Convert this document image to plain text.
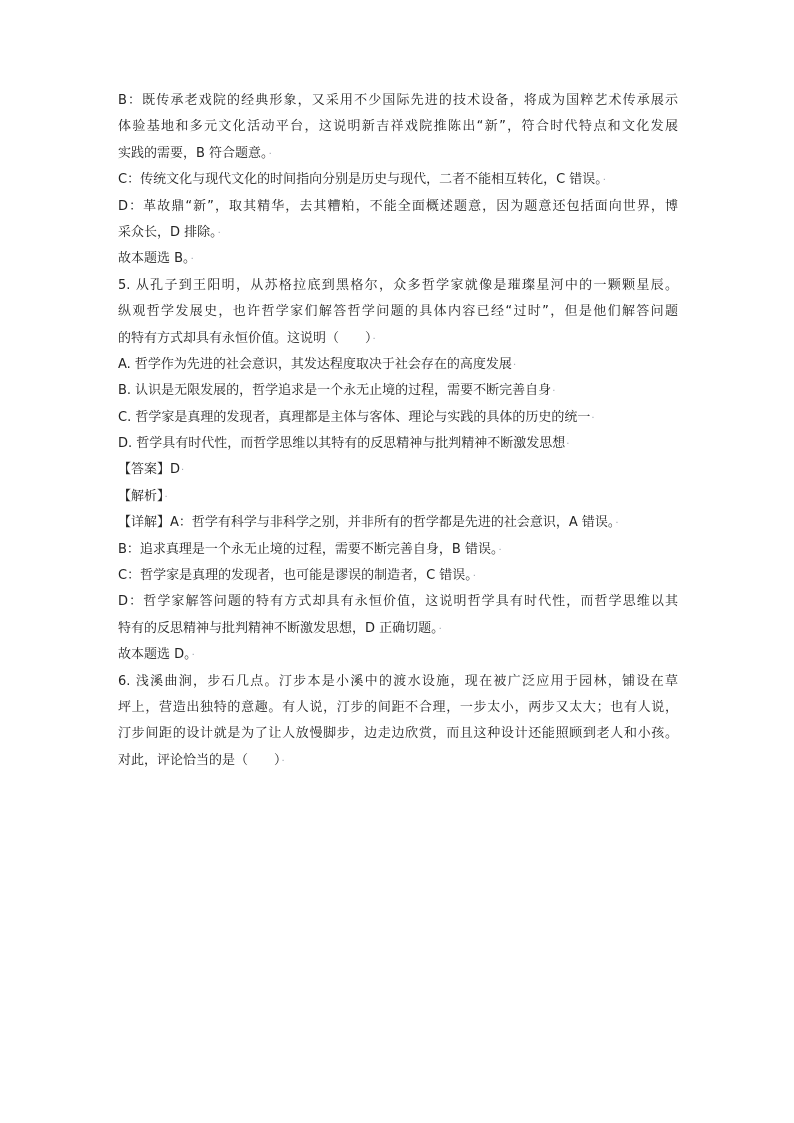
B：既传承老戏院的经典形象，又采用不少国际先进的技术设备，将成为国粹艺术传承展示
体验基地和多元文化活动平台，这说明新吉祥戏院推陈出“新”，符合时代特点和文化发展
实践的需要，B 符合题意。·
C：传统文化与现代文化的时间指向分别是历史与现代，二者不能相互转化，C 错误。·
D：革故鼎“新”，取其精华，去其糟粕，不能全面概述题意，因为题意还包括面向世界，博
采众长，D 排除。·
故本题选 B。·
5. 从孔子到王阳明，从苏格拉底到黑格尔，众多哲学家就像是璀璨星河中的一颗颗星辰。
纵观哲学发展史，也许哲学家们解答哲学问题的具体内容已经“过时”，但是他们解答问题
的特有方式却具有永恒价值。这说明（　　）·
A. 哲学作为先进的社会意识，其发达程度取决于社会存在的高度发展·
B. 认识是无限发展的，哲学追求是一个永无止境的过程，需要不断完善自身·
C. 哲学家是真理的发现者，真理都是主体与客体、理论与实践的具体的历史的统一·
D. 哲学具有时代性，而哲学思维以其特有的反思精神与批判精神不断激发思想·
【答案】D·
【解析】·
【详解】A：哲学有科学与非科学之别，并非所有的哲学都是先进的社会意识，A 错误。·
B：追求真理是一个永无止境的过程，需要不断完善自身，B 错误。·
C：哲学家是真理的发现者，也可能是谬误的制造者，C 错误。·
D：哲学家解答问题的特有方式却具有永恒价值，这说明哲学具有时代性，而哲学思维以其
特有的反思精神与批判精神不断激发思想，D 正确切题。·
故本题选 D。·
6. 浅溪曲涧，步石几点。汀步本是小溪中的渡水设施，现在被广泛应用于园林，铺设在草
坪上，营造出独特的意趣。有人说，汀步的间距不合理，一步太小，两步又太大；也有人说，
汀步间距的设计就是为了让人放慢脚步，边走边欣赏，而且这种设计还能照顾到老人和小孩。
对此，评论恰当的是（　　）·
